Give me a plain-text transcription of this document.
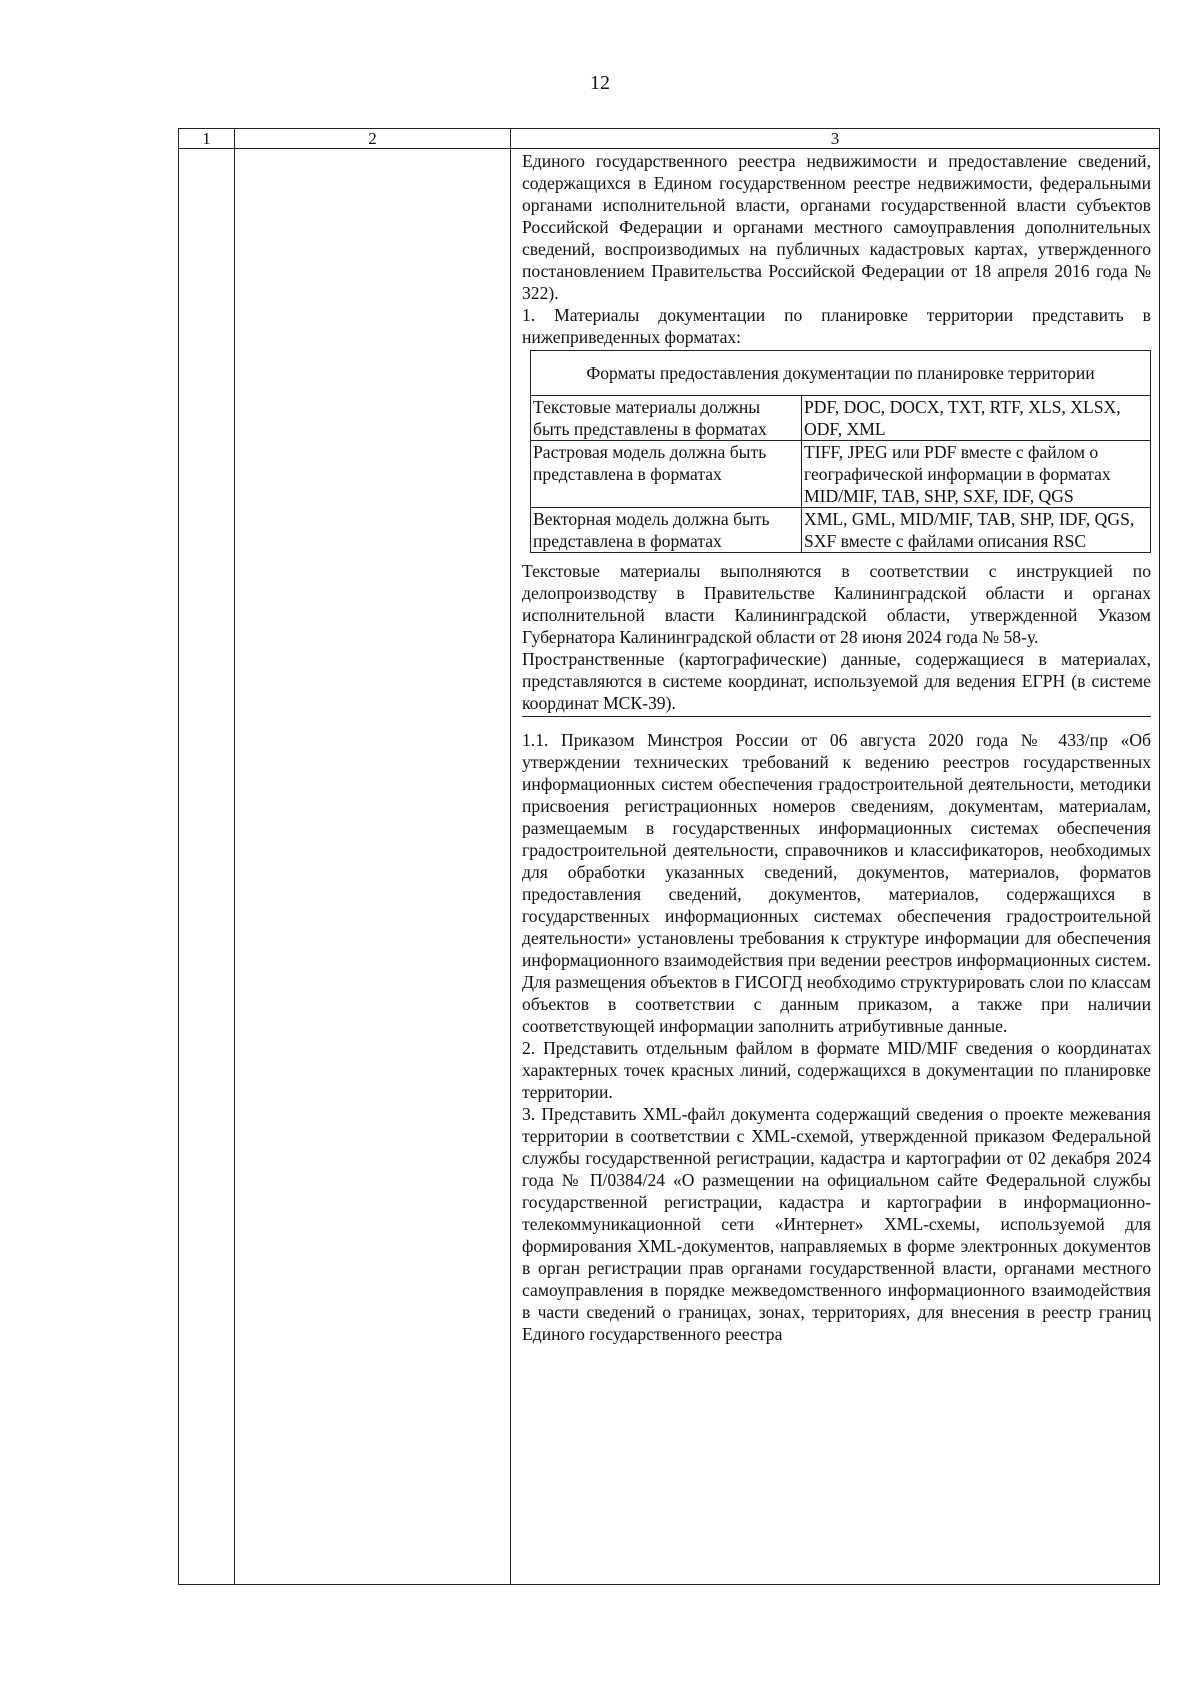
12
1	2	3

Единого государственного реестра недвижимости и предоставление сведений, содержащихся в Едином государственном реестре недвижимости, федеральными органами исполнительной власти, органами государственной власти субъектов Российской Федерации и органами местного самоуправления дополнительных сведений, воспроизводимых на публичных кадастровых картах, утвержденного постановлением Правительства Российской Федерации от 18 апреля 2016 года № 322).

1. Материалы документации по планировке территории представить в нижеприведенных форматах:

Форматы предоставления документации по планировке территории
Текстовые материалы должны быть представлены в форматах	PDF, DOC, DOCX, TXT, RTF, XLS, XLSX, ODF, XML
Растровая модель должна быть представлена в форматах	TIFF, JPEG или PDF вместе с файлом о географической информации в форматах MID/MIF, TAB, SHP, SXF, IDF, QGS
Векторная модель должна быть представлена в форматах	XML, GML, MID/MIF, TAB, SHP, IDF, QGS, SXF вместе с файлами описания RSC

Текстовые материалы выполняются в соответствии с инструкцией по делопроизводству в Правительстве Калининградской области и органах исполнительной власти Калининградской области, утвержденной Указом Губернатора Калининградской области от 28 июня 2024 года № 58-у.

Пространственные (картографические) данные, содержащиеся в материалах, представляются в системе координат, используемой для ведения ЕГРН (в системе координат МСК-39).

1.1. Приказом Минстроя России от 06 августа 2020 года № 433/пр «Об утверждении технических требований к ведению реестров государственных информационных систем обеспечения градостроительной деятельности, методики присвоения регистрационных номеров сведениям, документам, материалам, размещаемым в государственных информационных системах обеспечения градостроительной деятельности, справочников и классификаторов, необходимых для обработки указанных сведений, документов, материалов, форматов предоставления сведений, документов, материалов, содержащихся в государственных информационных системах обеспечения градостроительной деятельности» установлены требования к структуре информации для обеспечения информационного взаимодействия при ведении реестров информационных систем. Для размещения объектов в ГИСОГД необходимо структурировать слои по классам объектов в соответствии с данным приказом, а также при наличии соответствующей информации заполнить атрибутивные данные.

2. Представить отдельным файлом в формате MID/MIF сведения о координатах характерных точек красных линий, содержащихся в документации по планировке территории.

3. Представить XML-файл документа содержащий сведения о проекте межевания территории в соответствии с XML-схемой, утвержденной приказом Федеральной службы государственной регистрации, кадастра и картографии от 02 декабря 2024 года № П/0384/24 «О размещении на официальном сайте Федеральной службы государственной регистрации, кадастра и картографии в информационно-телекоммуникационной сети «Интернет» XML-схемы, используемой для формирования XML-документов, направляемых в форме электронных документов в орган регистрации прав органами государственной власти, органами местного самоуправления в порядке межведомственного информационного взаимодействия в части сведений о границах, зонах, территориях, для внесения в реестр границ Единого государственного реестра
